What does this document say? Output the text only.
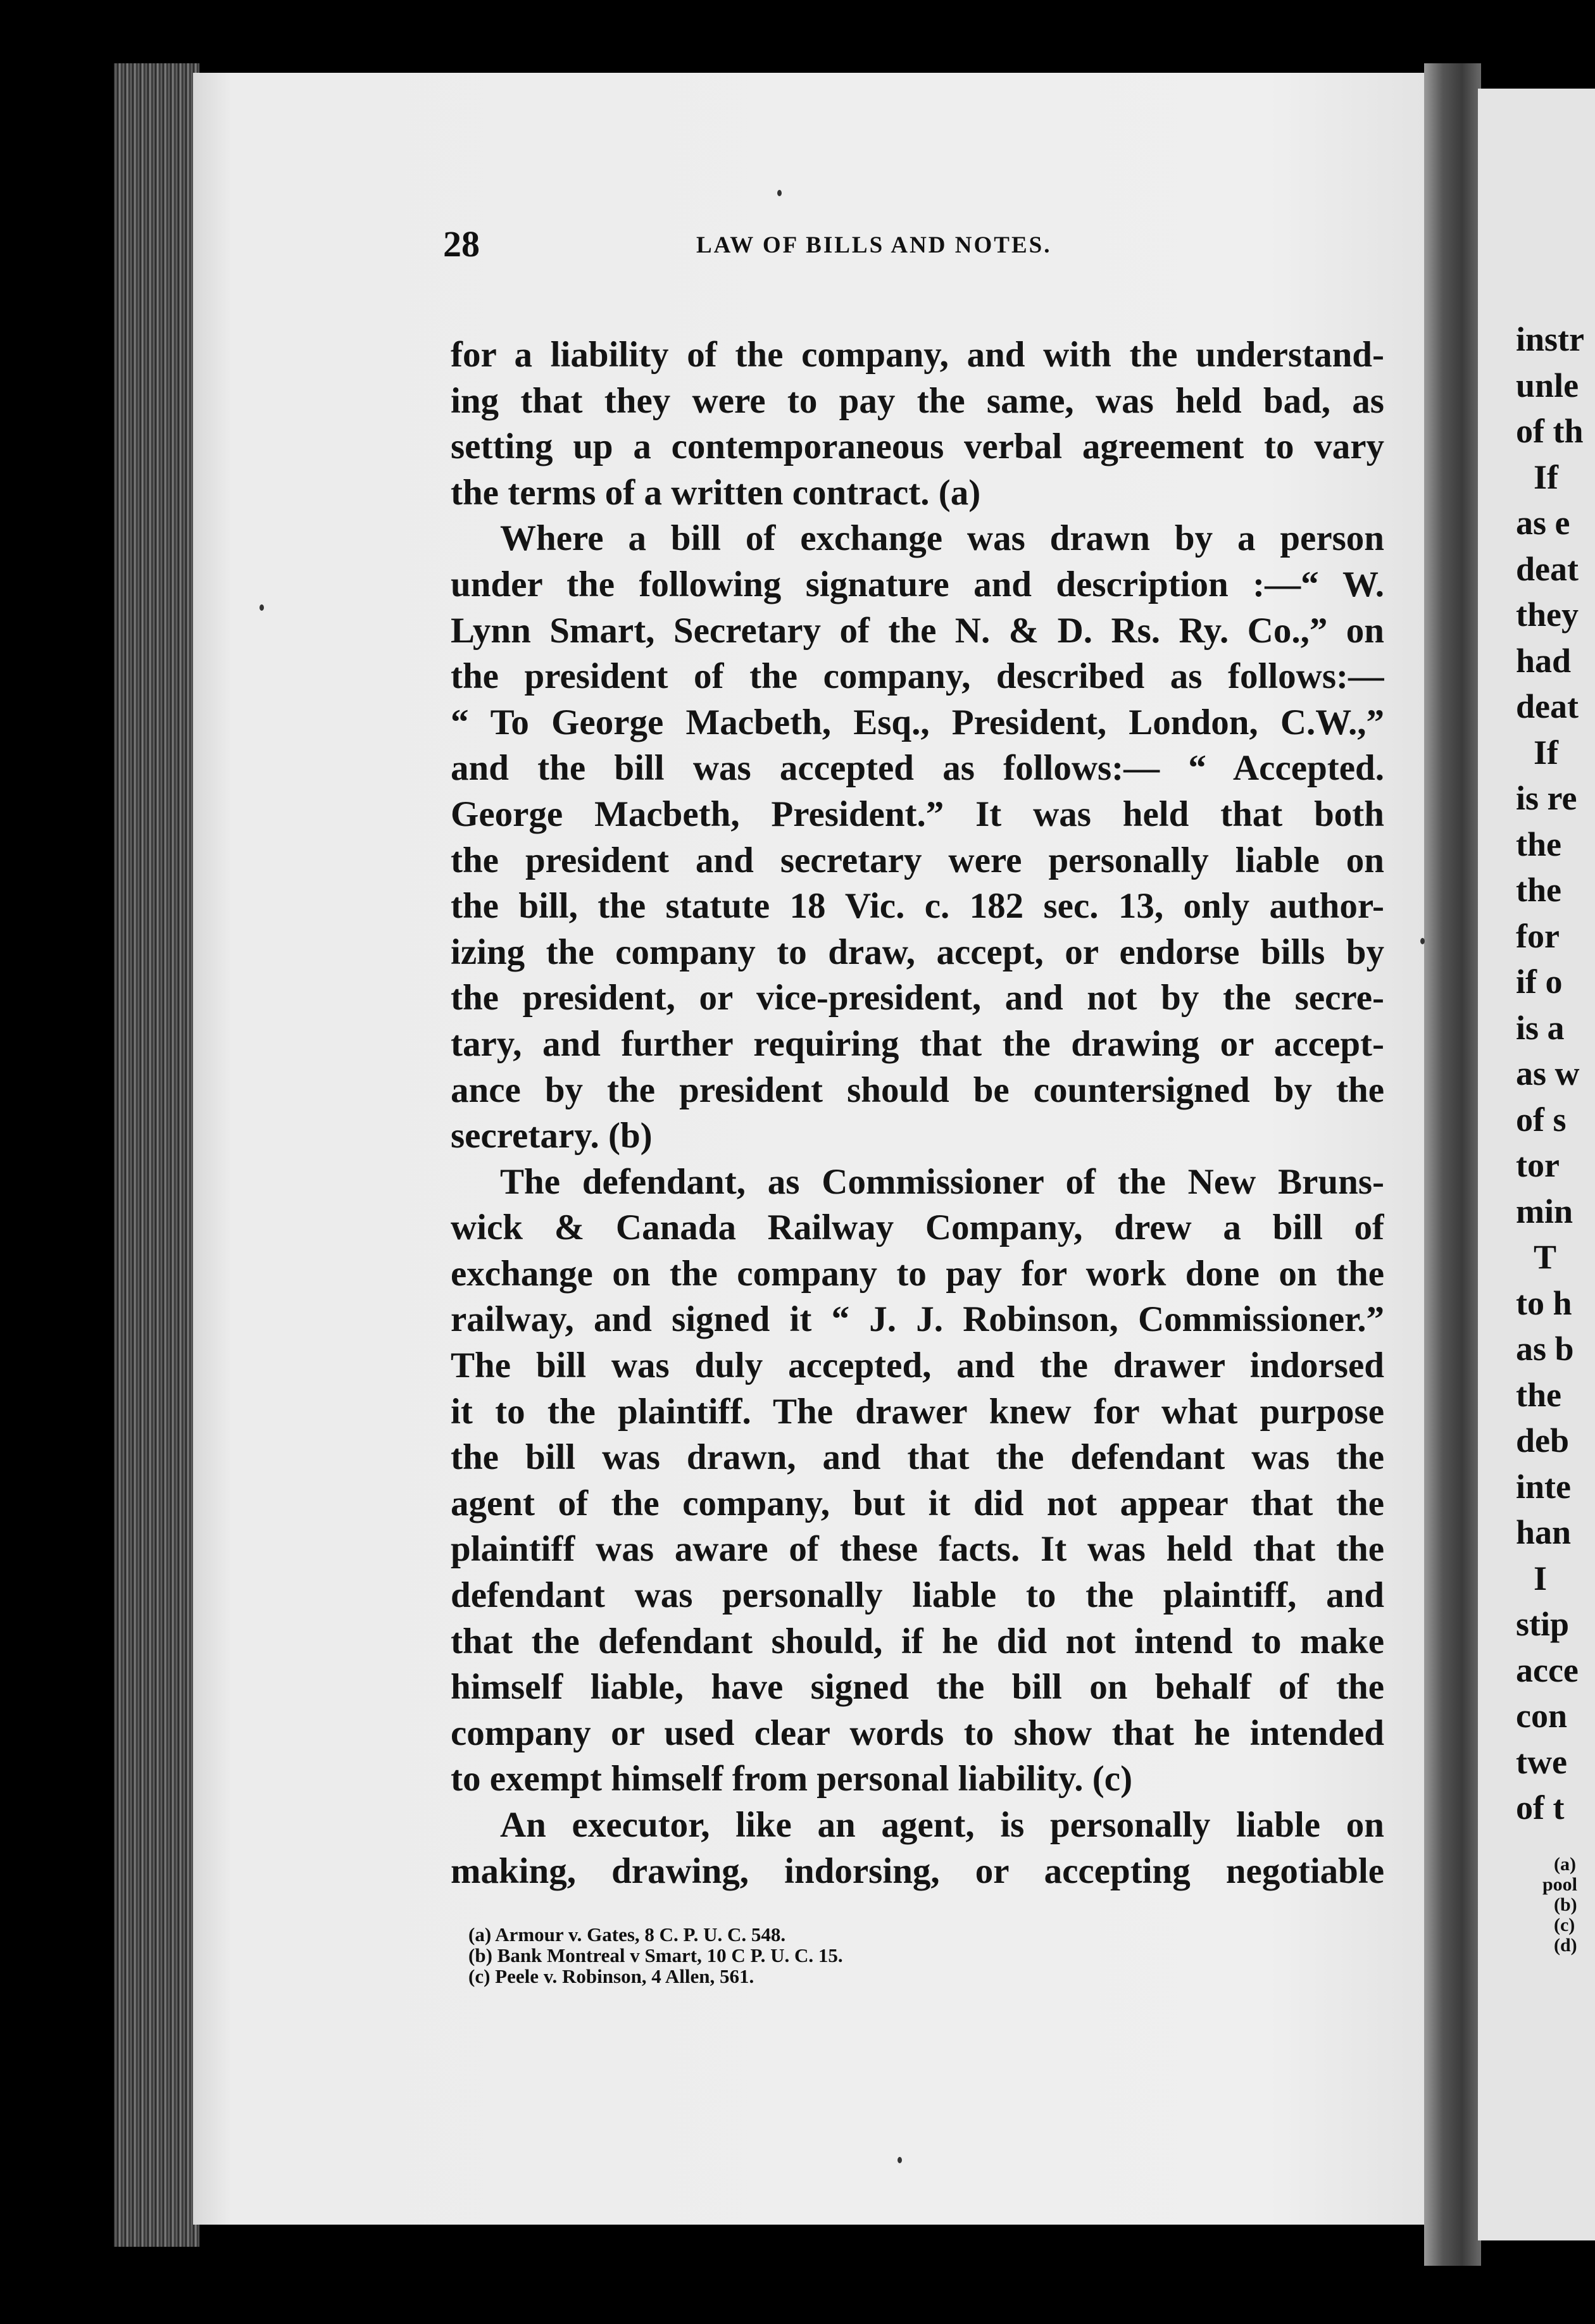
instr
unle
of th
If
as e
deat
they
had
deat
If
is re
the
the
for
if o
is a
as w
of s
tor
min
T
to h
as b
the
deb
inte
han
I
stip
acce
con
twe
of t
(a)
pool
(b)
(c)
(d)
28	LAW OF BILLS AND NOTES.
for a liability of the company, and with the understand-
ing that they were to pay the same, was held bad, as
setting up a contemporaneous verbal agreement to vary
the terms of a written contract. (a)
Where a bill of exchange was drawn by a person
under the following signature and description :—“ W.
Lynn Smart, Secretary of the N. & D. Rs. Ry. Co.,” on
the president of the company, described as follows:—
“ To George Macbeth, Esq., President, London, C.W.,”
and the bill was accepted as follows:— “ Accepted.
George Macbeth, President.” It was held that both
the president and secretary were personally liable on
the bill, the statute 18 Vic. c. 182 sec. 13, only author-
izing the company to draw, accept, or endorse bills by
the president, or vice-president, and not by the secre-
tary, and further requiring that the drawing or accept-
ance by the president should be countersigned by the
secretary. (b)
The defendant, as Commissioner of the New Bruns-
wick & Canada Railway Company, drew a bill of
exchange on the company to pay for work done on the
railway, and signed it “ J. J. Robinson, Commissioner.”
The bill was duly accepted, and the drawer indorsed
it to the plaintiff. The drawer knew for what purpose
the bill was drawn, and that the defendant was the
agent of the company, but it did not appear that the
plaintiff was aware of these facts. It was held that the
defendant was personally liable to the plaintiff, and
that the defendant should, if he did not intend to make
himself liable, have signed the bill on behalf of the
company or used clear words to show that he intended
to exempt himself from personal liability. (c)
An executor, like an agent, is personally liable on
making, drawing, indorsing, or accepting negotiable
(a) Armour v. Gates, 8 C. P. U. C. 548.
(b) Bank Montreal v Smart, 10 C P. U. C. 15.
(c) Peele v. Robinson, 4 Allen, 561.
